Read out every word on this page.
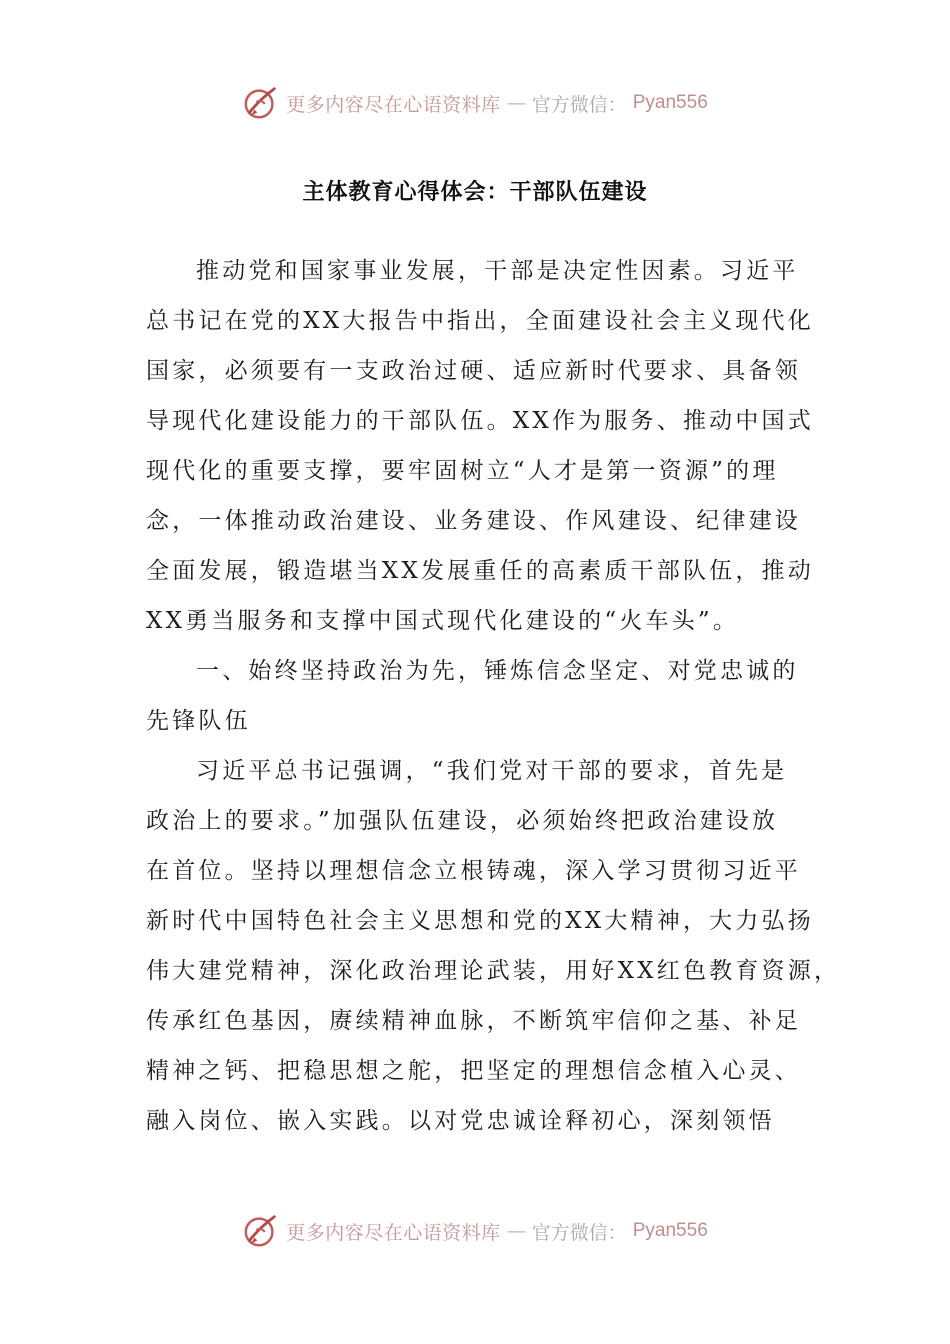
更多内容尽在心语资料库 — 官方微信： Pyan556
主体教育心得体会：干部队伍建设
推动党和国家事业发展，干部是决定性因素。习近平
总书记在党的XX大报告中指出，全面建设社会主义现代化
国家，必须要有一支政治过硬、适应新时代要求、具备领
导现代化建设能力的干部队伍。XX作为服务、推动中国式
现代化的重要支撑，要牢固树立“人才是第一资源”的理
念，一体推动政治建设、业务建设、作风建设、纪律建设
全面发展，锻造堪当XX发展重任的高素质干部队伍，推动
XX勇当服务和支撑中国式现代化建设的“火车头”。
一、始终坚持政治为先，锤炼信念坚定、对党忠诚的
先锋队伍
习近平总书记强调，“我们党对干部的要求，首先是
政治上的要求。”加强队伍建设，必须始终把政治建设放
在首位。坚持以理想信念立根铸魂，深入学习贯彻习近平
新时代中国特色社会主义思想和党的XX大精神，大力弘扬
伟大建党精神，深化政治理论武装，用好XX红色教育资源，
传承红色基因，赓续精神血脉，不断筑牢信仰之基、补足
精神之钙、把稳思想之舵，把坚定的理想信念植入心灵、
融入岗位、嵌入实践。以对党忠诚诠释初心，深刻领悟
更多内容尽在心语资料库 — 官方微信： Pyan556
